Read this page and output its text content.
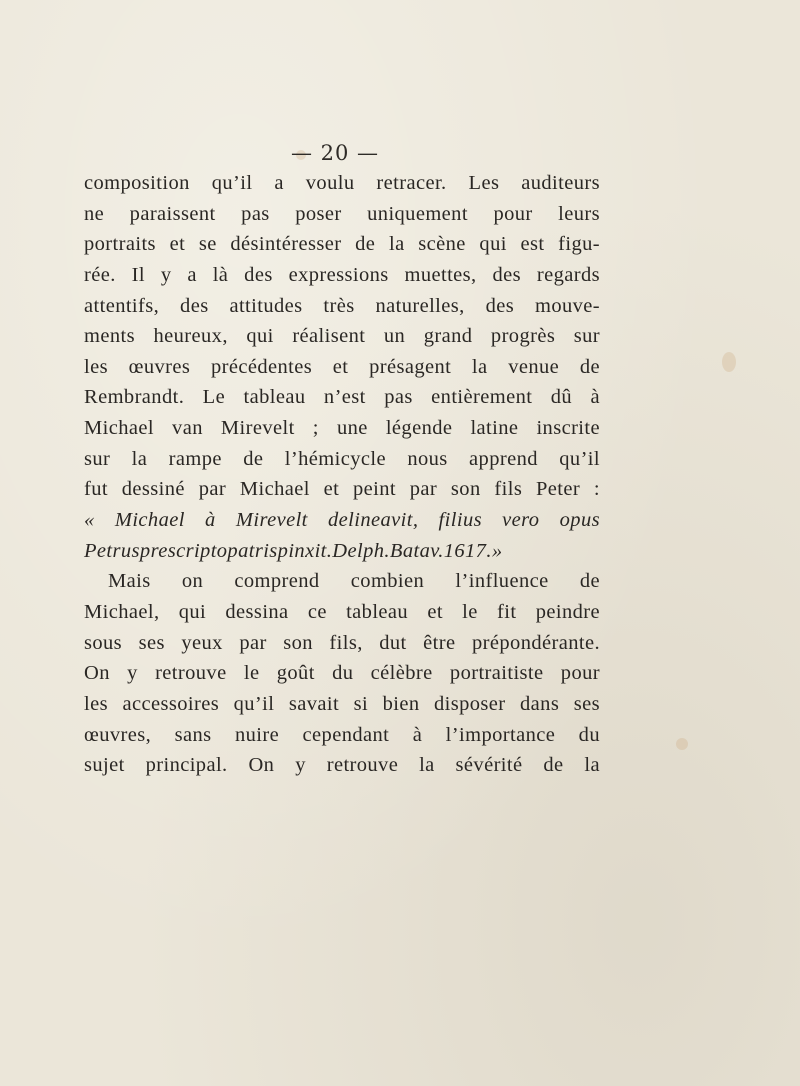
— 20 —
composition qu’il a voulu retracer. Les auditeurs
ne paraissent pas poser uniquement pour leurs
portraits et se désintéresser de la scène qui est figu-
rée. Il y a là des expressions muettes, des regards
attentifs, des attitudes très naturelles, des mouve-
ments heureux, qui réalisent un grand progrès sur
les œuvres précédentes et présagent la venue de
Rembrandt. Le tableau n’est pas entièrement dû à
Michael van Mirevelt ; une légende latine inscrite
sur la rampe de l’hémicycle nous apprend qu’il
fut dessiné par Michael et peint par son fils Peter :
« Michael à Mirevelt delineavit, filius vero opus
Petrusprescriptopatrispinxit.Delph.Batav.1617.»
Mais on comprend combien l’influence de
Michael, qui dessina ce tableau et le fit peindre
sous ses yeux par son fils, dut être prépondérante.
On y retrouve le goût du célèbre portraitiste pour
les accessoires qu’il savait si bien disposer dans ses
œuvres, sans nuire cependant à l’importance du
sujet principal. On y retrouve la sévérité de la
